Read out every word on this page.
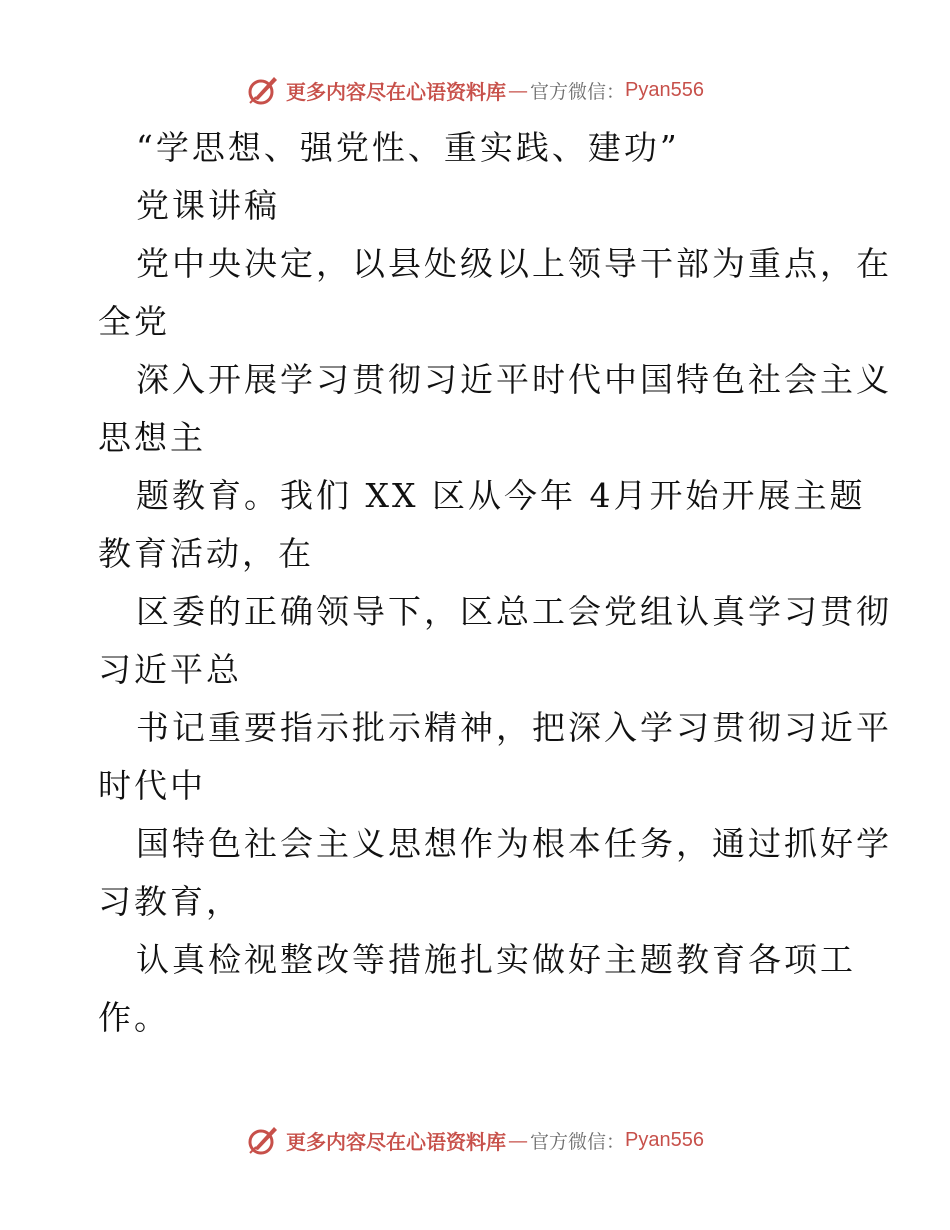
更多内容尽在心语资料库 — 官方微信： Pyan556
“学思想、强党性、重实践、建功”
党课讲稿
党中央决定，以县处级以上领导干部为重点，在
全党
深入开展学习贯彻习近平时代中国特色社会主义
思想主
题教育。我们 XX 区从今年 4月开始开展主题
教育活动，在
区委的正确领导下，区总工会党组认真学习贯彻
习近平总
书记重要指示批示精神，把深入学习贯彻习近平
时代中
国特色社会主义思想作为根本任务，通过抓好学
习教育，
认真检视整改等措施扎实做好主题教育各项工
作。
更多内容尽在心语资料库 — 官方微信： Pyan556
